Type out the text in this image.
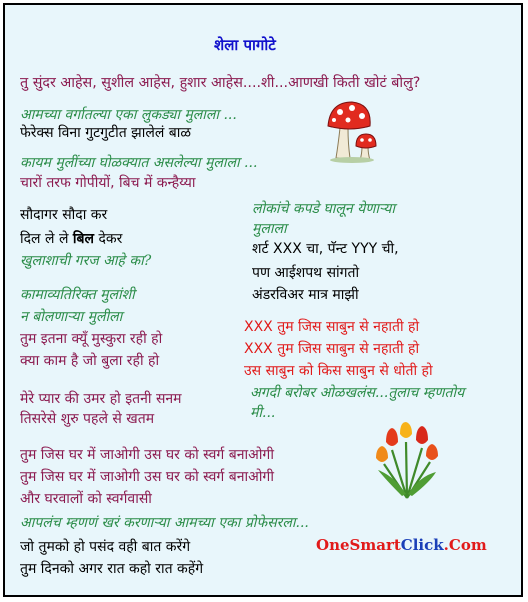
शेला पागोटे
तु सुंदर आहेस, सुशील आहेस, हुशार आहेस....शी...आणखी किती खोटं बोलु?
आमच्या वर्गातल्या एका लुकड्या मुलाला ...
फेरेक्स विना गुटगुटीत झालेलं बाळ
कायम मुलींच्या घोळक्यात असलेल्या मुलाला ...
चारों तरफ गोपीयों, बिच में कन्हैय्या
सौदागर सौदा कर
दिल ले ले बिल देकर
खुलाशाची गरज आहे का?
लोकांचे कपडे घालून येणाऱ्या
मुलाला
शर्ट XXX चा, पॅन्ट YYY ची,
पण आईशपथ सांगतो
अंडरविअर मात्र माझी
कामाव्यतिरिक्त मुलांशी
न बोलणाऱ्या मुलीला
तुम इतना क्यूँ मुस्कुरा रही हो
क्या काम है जो बुला रही हो
XXX तुम जिस साबुन से नहाती हो
XXX तुम जिस साबुन से नहाती हो
उस साबुन को किस साबुन से धोती हो
अगदी बरोबर ओळखलंस...तुलाच म्हणतोय
मी...
मेरे प्यार की उमर हो इतनी सनम
तिसरेसे शुरु पहले से खतम
तुम जिस घर में जाओगी उस घर को स्वर्ग बनाओगी
तुम जिस घर में जाओगी उस घर को स्वर्ग बनाओगी
और घरवालों को स्वर्गवासी
आपलंच म्हणणं खरं करणाऱ्या आमच्या एका प्रोफेसरला...
जो तुमको हो पसंद वही बात करेंगे
तुम दिनको अगर रात कहो रात कहेंगे
OneSmartClick.Com
